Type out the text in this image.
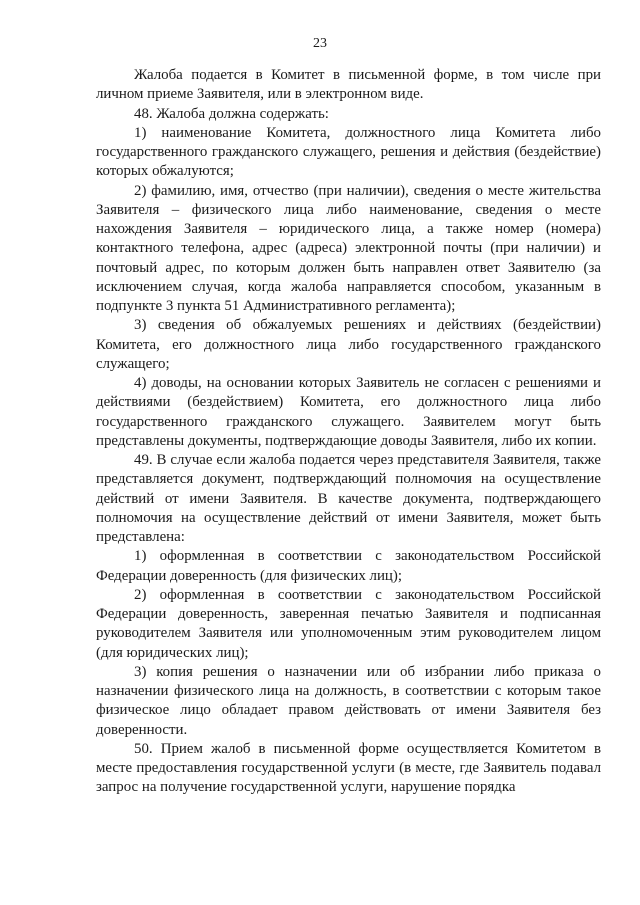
23

Жалоба подается в Комитет в письменной форме, в том числе при личном приеме Заявителя, или в электронном виде.

48. Жалоба должна содержать:

1) наименование Комитета, должностного лица Комитета либо государственного гражданского служащего, решения и действия (бездействие) которых обжалуются;

2) фамилию, имя, отчество (при наличии), сведения о месте жительства Заявителя – физического лица либо наименование, сведения о месте нахождения Заявителя – юридического лица, а также номер (номера) контактного телефона, адрес (адреса) электронной почты (при наличии) и почтовый адрес, по которым должен быть направлен ответ Заявителю (за исключением случая, когда жалоба направляется способом, указанным в подпункте 3 пункта 51 Административного регламента);

3) сведения об обжалуемых решениях и действиях (бездействии) Комитета, его должностного лица либо государственного гражданского служащего;

4) доводы, на основании которых Заявитель не согласен с решениями и действиями (бездействием) Комитета, его должностного лица либо государственного гражданского служащего. Заявителем могут быть представлены документы, подтверждающие доводы Заявителя, либо их копии.

49. В случае если жалоба подается через представителя Заявителя, также представляется документ, подтверждающий полномочия на осуществление действий от имени Заявителя. В качестве документа, подтверждающего полномочия на осуществление действий от имени Заявителя, может быть представлена:

1) оформленная в соответствии с законодательством Российской Федерации доверенность (для физических лиц);

2) оформленная в соответствии с законодательством Российской Федерации доверенность, заверенная печатью Заявителя и подписанная руководителем Заявителя или уполномоченным этим руководителем лицом (для юридических лиц);

3) копия решения о назначении или об избрании либо приказа о назначении физического лица на должность, в соответствии с которым такое физическое лицо обладает правом действовать от имени Заявителя без доверенности.

50. Прием жалоб в письменной форме осуществляется Комитетом в месте предоставления государственной услуги (в месте, где Заявитель подавал запрос на получение государственной услуги, нарушение порядка
